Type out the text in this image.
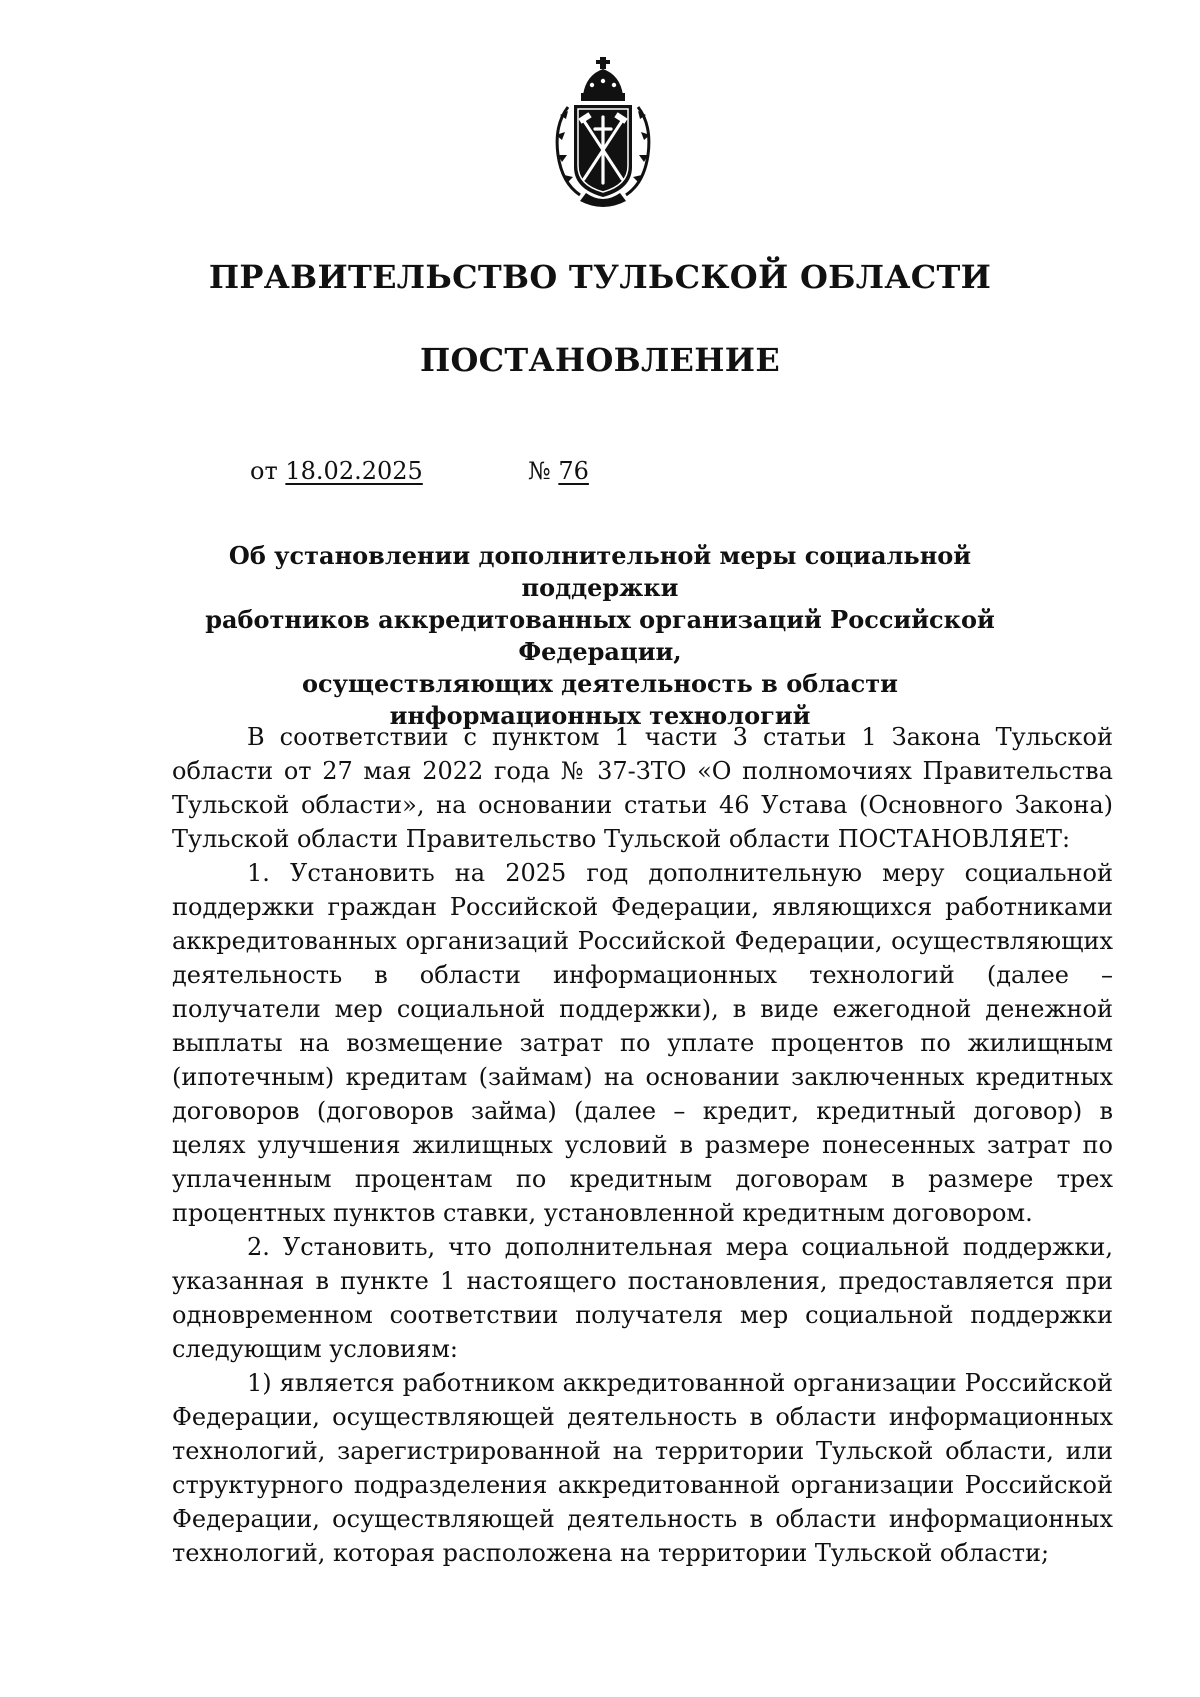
ПРАВИТЕЛЬСТВО ТУЛЬСКОЙ ОБЛАСТИ
ПОСТАНОВЛЕНИЕ
от 18.02.2025	№ 76
Об установлении дополнительной меры социальной поддержки
работников аккредитованных организаций Российской Федерации,
осуществляющих деятельность в области
информационных технологий

В соответствии с пунктом 1 части 3 статьи 1 Закона Тульской области от 27 мая 2022 года № 37-ЗТО «О полномочиях Правительства Тульской области», на основании статьи 46 Устава (Основного Закона) Тульской области Правительство Тульской области ПОСТАНОВЛЯЕТ:

1. Установить на 2025 год дополнительную меру социальной поддержки граждан Российской Федерации, являющихся работниками аккредитованных организаций Российской Федерации, осуществляющих деятельность в области информационных технологий (далее – получатели мер социальной поддержки), в виде ежегодной денежной выплаты на возмещение затрат по уплате процентов по жилищным (ипотечным) кредитам (займам) на основании заключенных кредитных договоров (договоров займа) (далее – кредит, кредитный договор) в целях улучшения жилищных условий в размере понесенных затрат по уплаченным процентам по кредитным договорам в размере трех процентных пунктов ставки, установленной кредитным договором.

2. Установить, что дополнительная мера социальной поддержки, указанная в пункте 1 настоящего постановления, предоставляется при одновременном соответствии получателя мер социальной поддержки следующим условиям:

1) является работником аккредитованной организации Российской Федерации, осуществляющей деятельность в области информационных технологий, зарегистрированной на территории Тульской области, или структурного подразделения аккредитованной организации Российской Федерации, осуществляющей деятельность в области информационных технологий, которая расположена на территории Тульской области;
